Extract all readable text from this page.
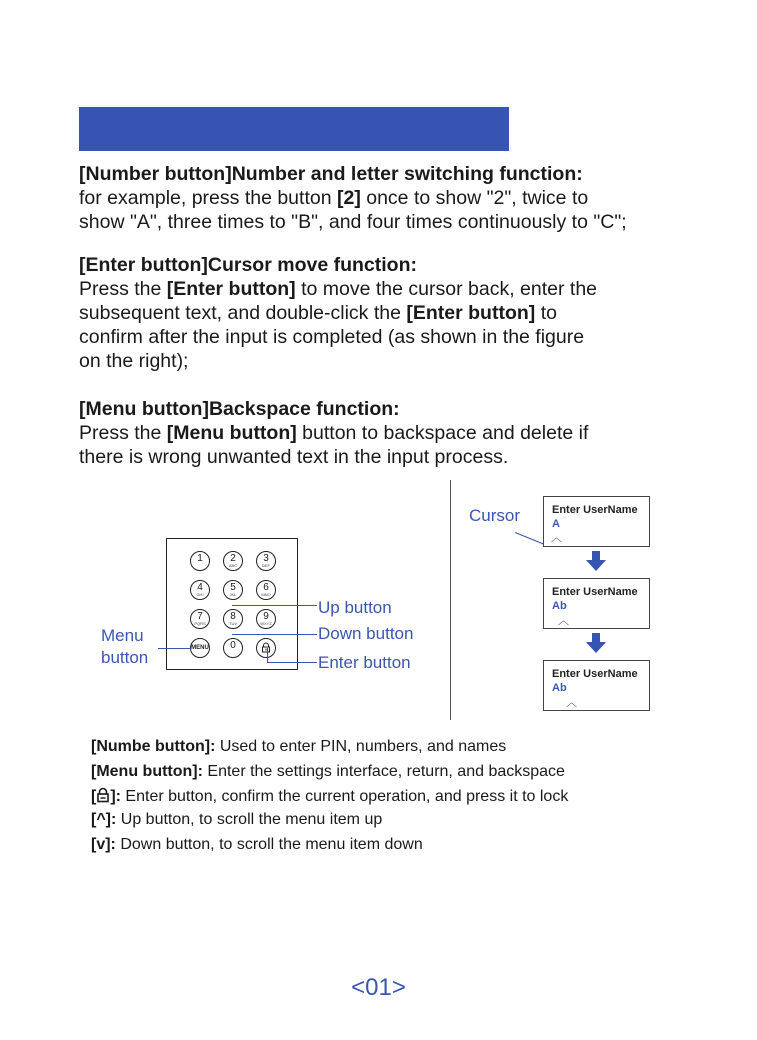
[Number button]Number and letter switching function:
for example, press the button [2] once to show "2", twice to
show "A", three times to "B", and four times continuously to "C";

[Enter button]Cursor move function:
Press the [Enter button] to move the cursor back, enter the
subsequent text, and double-click the [Enter button] to
confirm after the input is completed (as shown in the figure
on the right);

[Menu button]Backspace function:
Press the [Menu button] button to backspace and delete if
there is wrong unwanted text in the input process.

1	2
ABC
3
DEF
4
GHI
5
JKL
6
MNO
7
PQRS
8
TUV
9
WXYZ
MENU	0
Up button
Down button
Enter button
Menu
button
Cursor	Enter UserName
A
︿
Enter UserName
Ab
︿
Enter UserName
Ab
︿

[Numbe button]: Used to enter PIN, numbers, and names

[Menu button]: Enter the settings interface, return, and backspace

[ ]: Enter button, confirm the current operation, and press it to lock

[^]: Up button, to scroll the menu item up

[v]: Down button, to scroll the menu item down

<01>
